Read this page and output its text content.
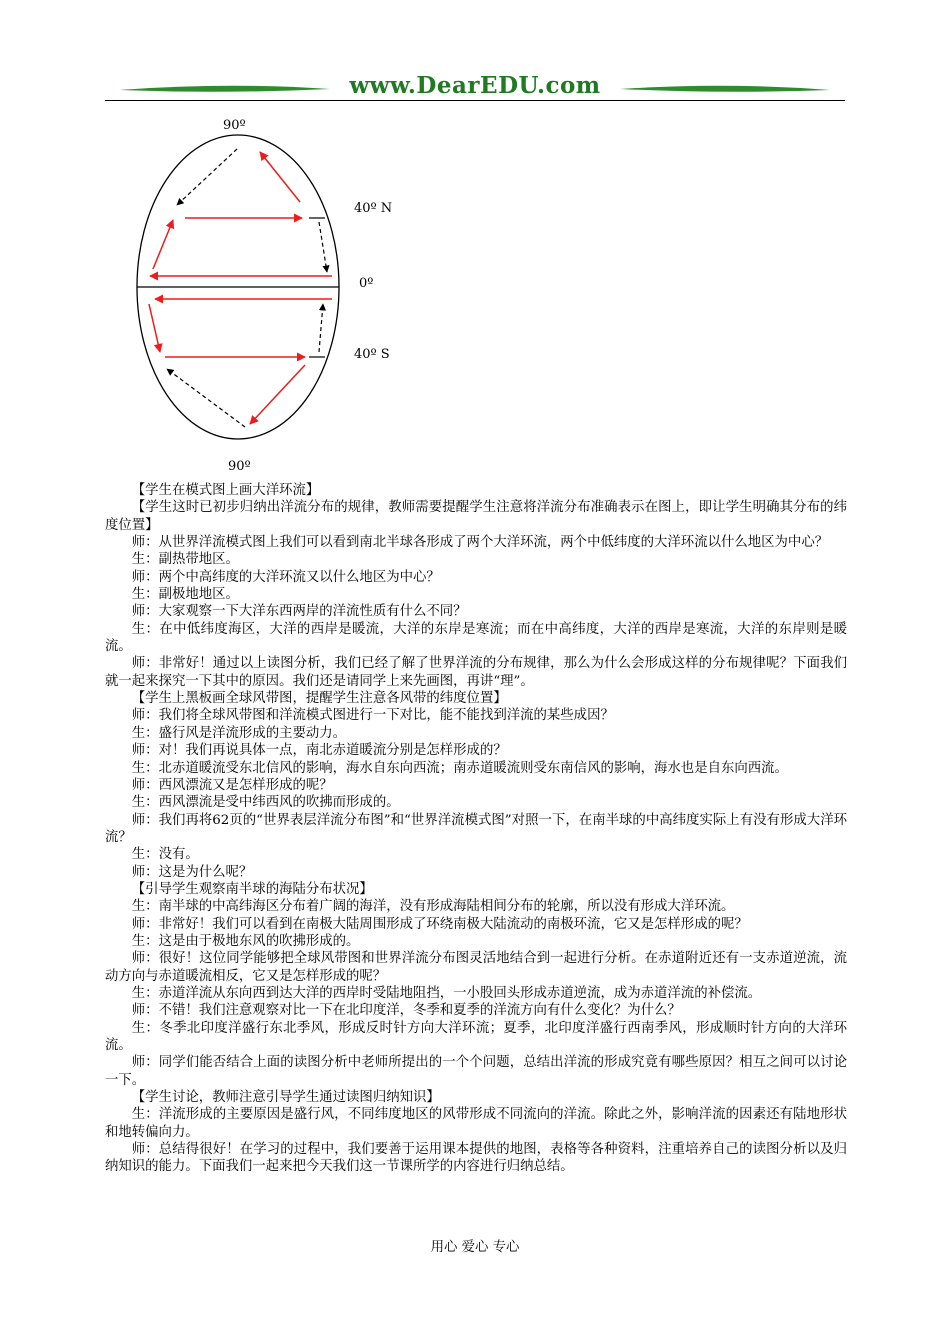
www.DearEDU.com
90º
40º N
0º
40º S
90º

【学生在模式图上画大洋环流】

【学生这时已初步归纳出洋流分布的规律，教师需要提醒学生注意将洋流分布准确表示在图上，即让学生明确其分布的纬度位置】

师：从世界洋流模式图上我们可以看到南北半球各形成了两个大洋环流，两个中低纬度的大洋环流以什么地区为中心？

生：副热带地区。

师：两个中高纬度的大洋环流又以什么地区为中心？

生：副极地地区。

师：大家观察一下大洋东西两岸的洋流性质有什么不同？

生：在中低纬度海区，大洋的西岸是暖流，大洋的东岸是寒流；而在中高纬度，大洋的西岸是寒流，大洋的东岸则是暖流。

师：非常好！通过以上读图分析，我们已经了解了世界洋流的分布规律，那么为什么会形成这样的分布规律呢？下面我们就一起来探究一下其中的原因。我们还是请同学上来先画图，再讲“理”。

【学生上黑板画全球风带图，提醒学生注意各风带的纬度位置】

师：我们将全球风带图和洋流模式图进行一下对比，能不能找到洋流的某些成因？

生：盛行风是洋流形成的主要动力。

师：对！我们再说具体一点，南北赤道暖流分别是怎样形成的？

生：北赤道暖流受东北信风的影响，海水自东向西流；南赤道暖流则受东南信风的影响，海水也是自东向西流。

师：西风漂流又是怎样形成的呢？

生：西风漂流是受中纬西风的吹拂而形成的。

师：我们再将62页的“世界表层洋流分布图”和“世界洋流模式图”对照一下，在南半球的中高纬度实际上有没有形成大洋环流？

生：没有。

师：这是为什么呢？

【引导学生观察南半球的海陆分布状况】

生：南半球的中高纬海区分布着广阔的海洋，没有形成海陆相间分布的轮廓，所以没有形成大洋环流。

师：非常好！我们可以看到在南极大陆周围形成了环绕南极大陆流动的南极环流，它又是怎样形成的呢？

生：这是由于极地东风的吹拂形成的。

师：很好！这位同学能够把全球风带图和世界洋流分布图灵活地结合到一起进行分析。在赤道附近还有一支赤道逆流，流动方向与赤道暖流相反，它又是怎样形成的呢？

生：赤道洋流从东向西到达大洋的西岸时受陆地阻挡，一小股回头形成赤道逆流，成为赤道洋流的补偿流。

师：不错！我们注意观察对比一下在北印度洋，冬季和夏季的洋流方向有什么变化？为什么？

生：冬季北印度洋盛行东北季风，形成反时针方向大洋环流；夏季，北印度洋盛行西南季风，形成顺时针方向的大洋环流。

师：同学们能否结合上面的读图分析中老师所提出的一个个问题，总结出洋流的形成究竟有哪些原因？相互之间可以讨论一下。

【学生讨论，教师注意引导学生通过读图归纳知识】

生：洋流形成的主要原因是盛行风，不同纬度地区的风带形成不同流向的洋流。除此之外，影响洋流的因素还有陆地形状和地转偏向力。

师：总结得很好！在学习的过程中，我们要善于运用课本提供的地图，表格等各种资料，注重培养自己的读图分析以及归纳知识的能力。下面我们一起来把今天我们这一节课所学的内容进行归纳总结。

用心 爱心 专心
